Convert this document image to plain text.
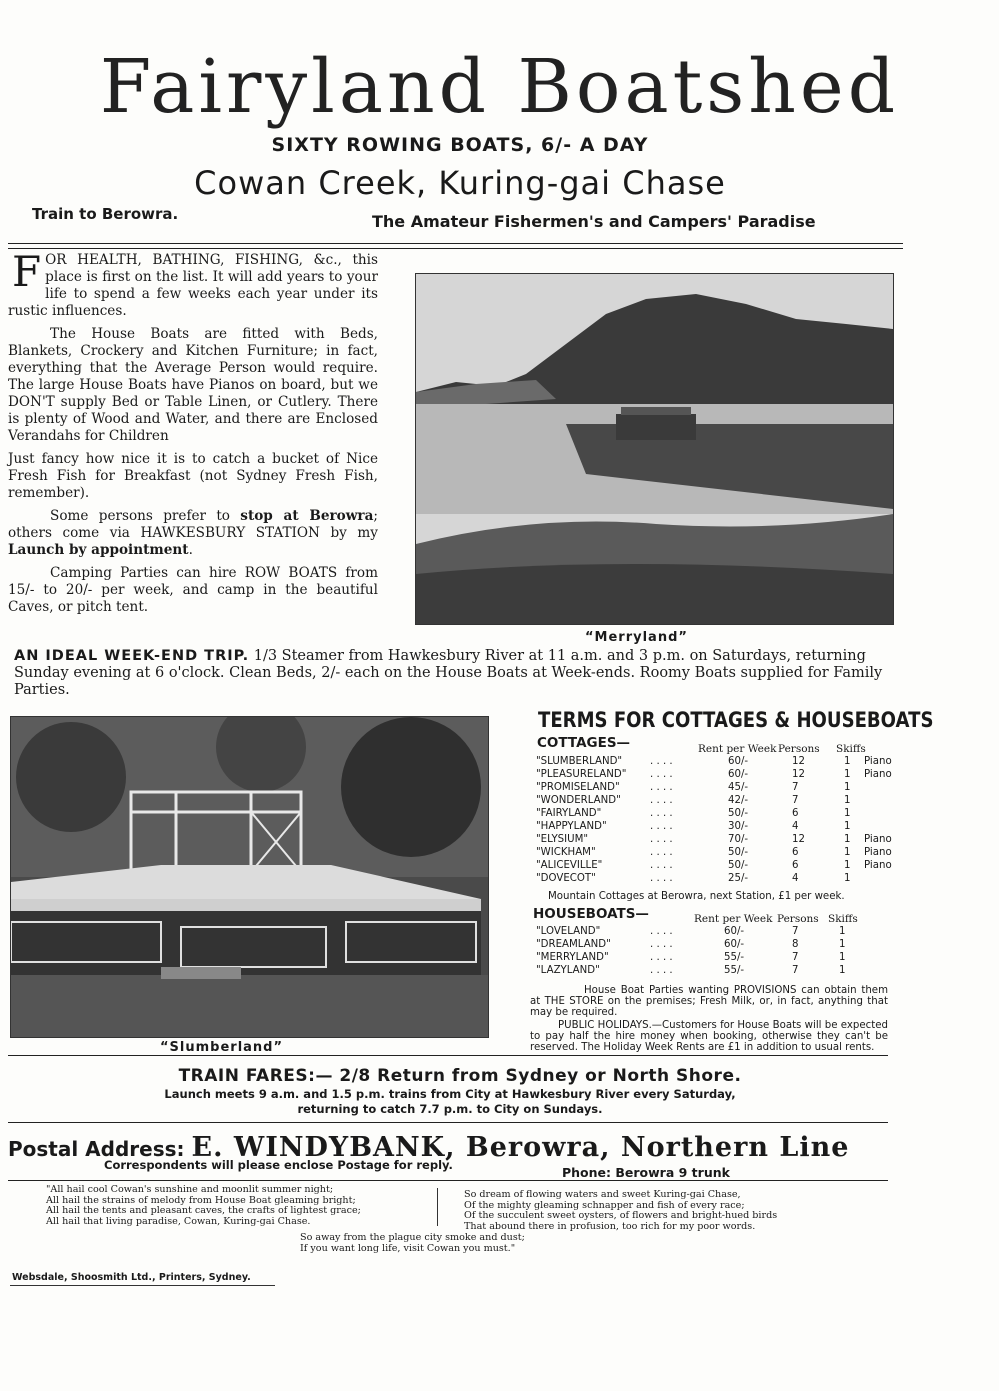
Fairyland Boatshed
SIXTY ROWING BOATS, 6/- A DAY
Cowan Creek, Kuring-gai Chase
Train to Berowra.	The Amateur Fishermen's and Campers' Paradise

FOR HEALTH, BATHING, FISHING, &c., this place is first on the list. It will add years to your life to spend a few weeks each year under its rustic influences.

The House Boats are fitted with Beds, Blankets, Crockery and Kitchen Furniture; in fact, everything that the Average Person would require. The large House Boats have Pianos on board, but we DON'T supply Bed or Table Linen, or Cutlery. There is plenty of Wood and Water, and there are Enclosed Verandahs for Children

Just fancy how nice it is to catch a bucket of Nice Fresh Fish for Breakfast (not Sydney Fresh Fish, remember).

Some persons prefer to stop at Berowra; others come via HAWKESBURY STATION by my Launch by appointment.

Camping Parties can hire ROW BOATS from 15/- to 20/- per week, and camp in the beautiful Caves, or pitch tent.

“Merryland”
AN IDEAL WEEK-END TRIP. 1/3 Steamer from Hawkesbury River at 11 a.m. and 3 p.m. on Saturdays, returning Sunday evening at 6 o'clock. Clean Beds, 2/- each on the House Boats at Week-ends. Roomy Boats supplied for Family Parties.
“Slumberland”
TERMS FOR COTTAGES & HOUSEBOATS
COTTAGES—	Rent per Week Persons Skiffs
"SLUMBERLAND"	. . . .	60/-	12	1 Piano
"PLEASURELAND" . . . .	60/-	12	1 Piano
"PROMISELAND"	. . . .	45/-	7	1
"WONDERLAND"	. . . .	42/-	7	1
"FAIRYLAND"	. . . .	50/-	6	1
"HAPPYLAND"	. . . .	30/-	4	1
"ELYSIUM"	. . . .	70/-	12	1 Piano
"WICKHAM"	. . . .	50/-	6	1 Piano
"ALICEVILLE"	. . . .	50/-	6	1 Piano
"DOVECOT"	. . . .	25/-	4	1
Mountain Cottages at Berowra, next Station, £1 per week.
HOUSEBOATS—	Rent per Week Persons Skiffs
"LOVELAND"	. . . .	60/-	7	1
"DREAMLAND"	. . . .	60/-	8	1
"MERRYLAND"	. . . .	55/-	7	1
"LAZYLAND"	. . . .	55/-	7	1
House Boat Parties wanting PROVISIONS can obtain them at THE STORE on the premises; Fresh Milk, or, in fact, anything that may be required.
PUBLIC HOLIDAYS.—Customers for House Boats will be expected to pay half the hire money when booking, otherwise they can't be reserved. The Holiday Week Rents are £1 in addition to usual rents.
TRAIN FARES:— 2/8 Return from Sydney or North Shore.
Launch meets 9 a.m. and 1.5 p.m. trains from City at Hawkesbury River every Saturday,
returning to catch 7.7 p.m. to City on Sundays.
Postal Address: E. WINDYBANK, Berowra, Northern Line
Correspondents will please enclose Postage for reply.	Phone: Berowra 9 trunk
"All hail cool Cowan's sunshine and moonlit summer night;
All hail the strains of melody from House Boat gleaming bright;
All hail the tents and pleasant caves, the crafts of lightest grace;
All hail that living paradise, Cowan, Kuring-gai Chase.
So dream of flowing waters and sweet Kuring-gai Chase,
Of the mighty gleaming schnapper and fish of every race;
Of the succulent sweet oysters, of flowers and bright-hued birds
That abound there in profusion, too rich for my poor words.
So away from the plague city smoke and dust;
If you want long life, visit Cowan you must."
Websdale, Shoosmith Ltd., Printers, Sydney.
